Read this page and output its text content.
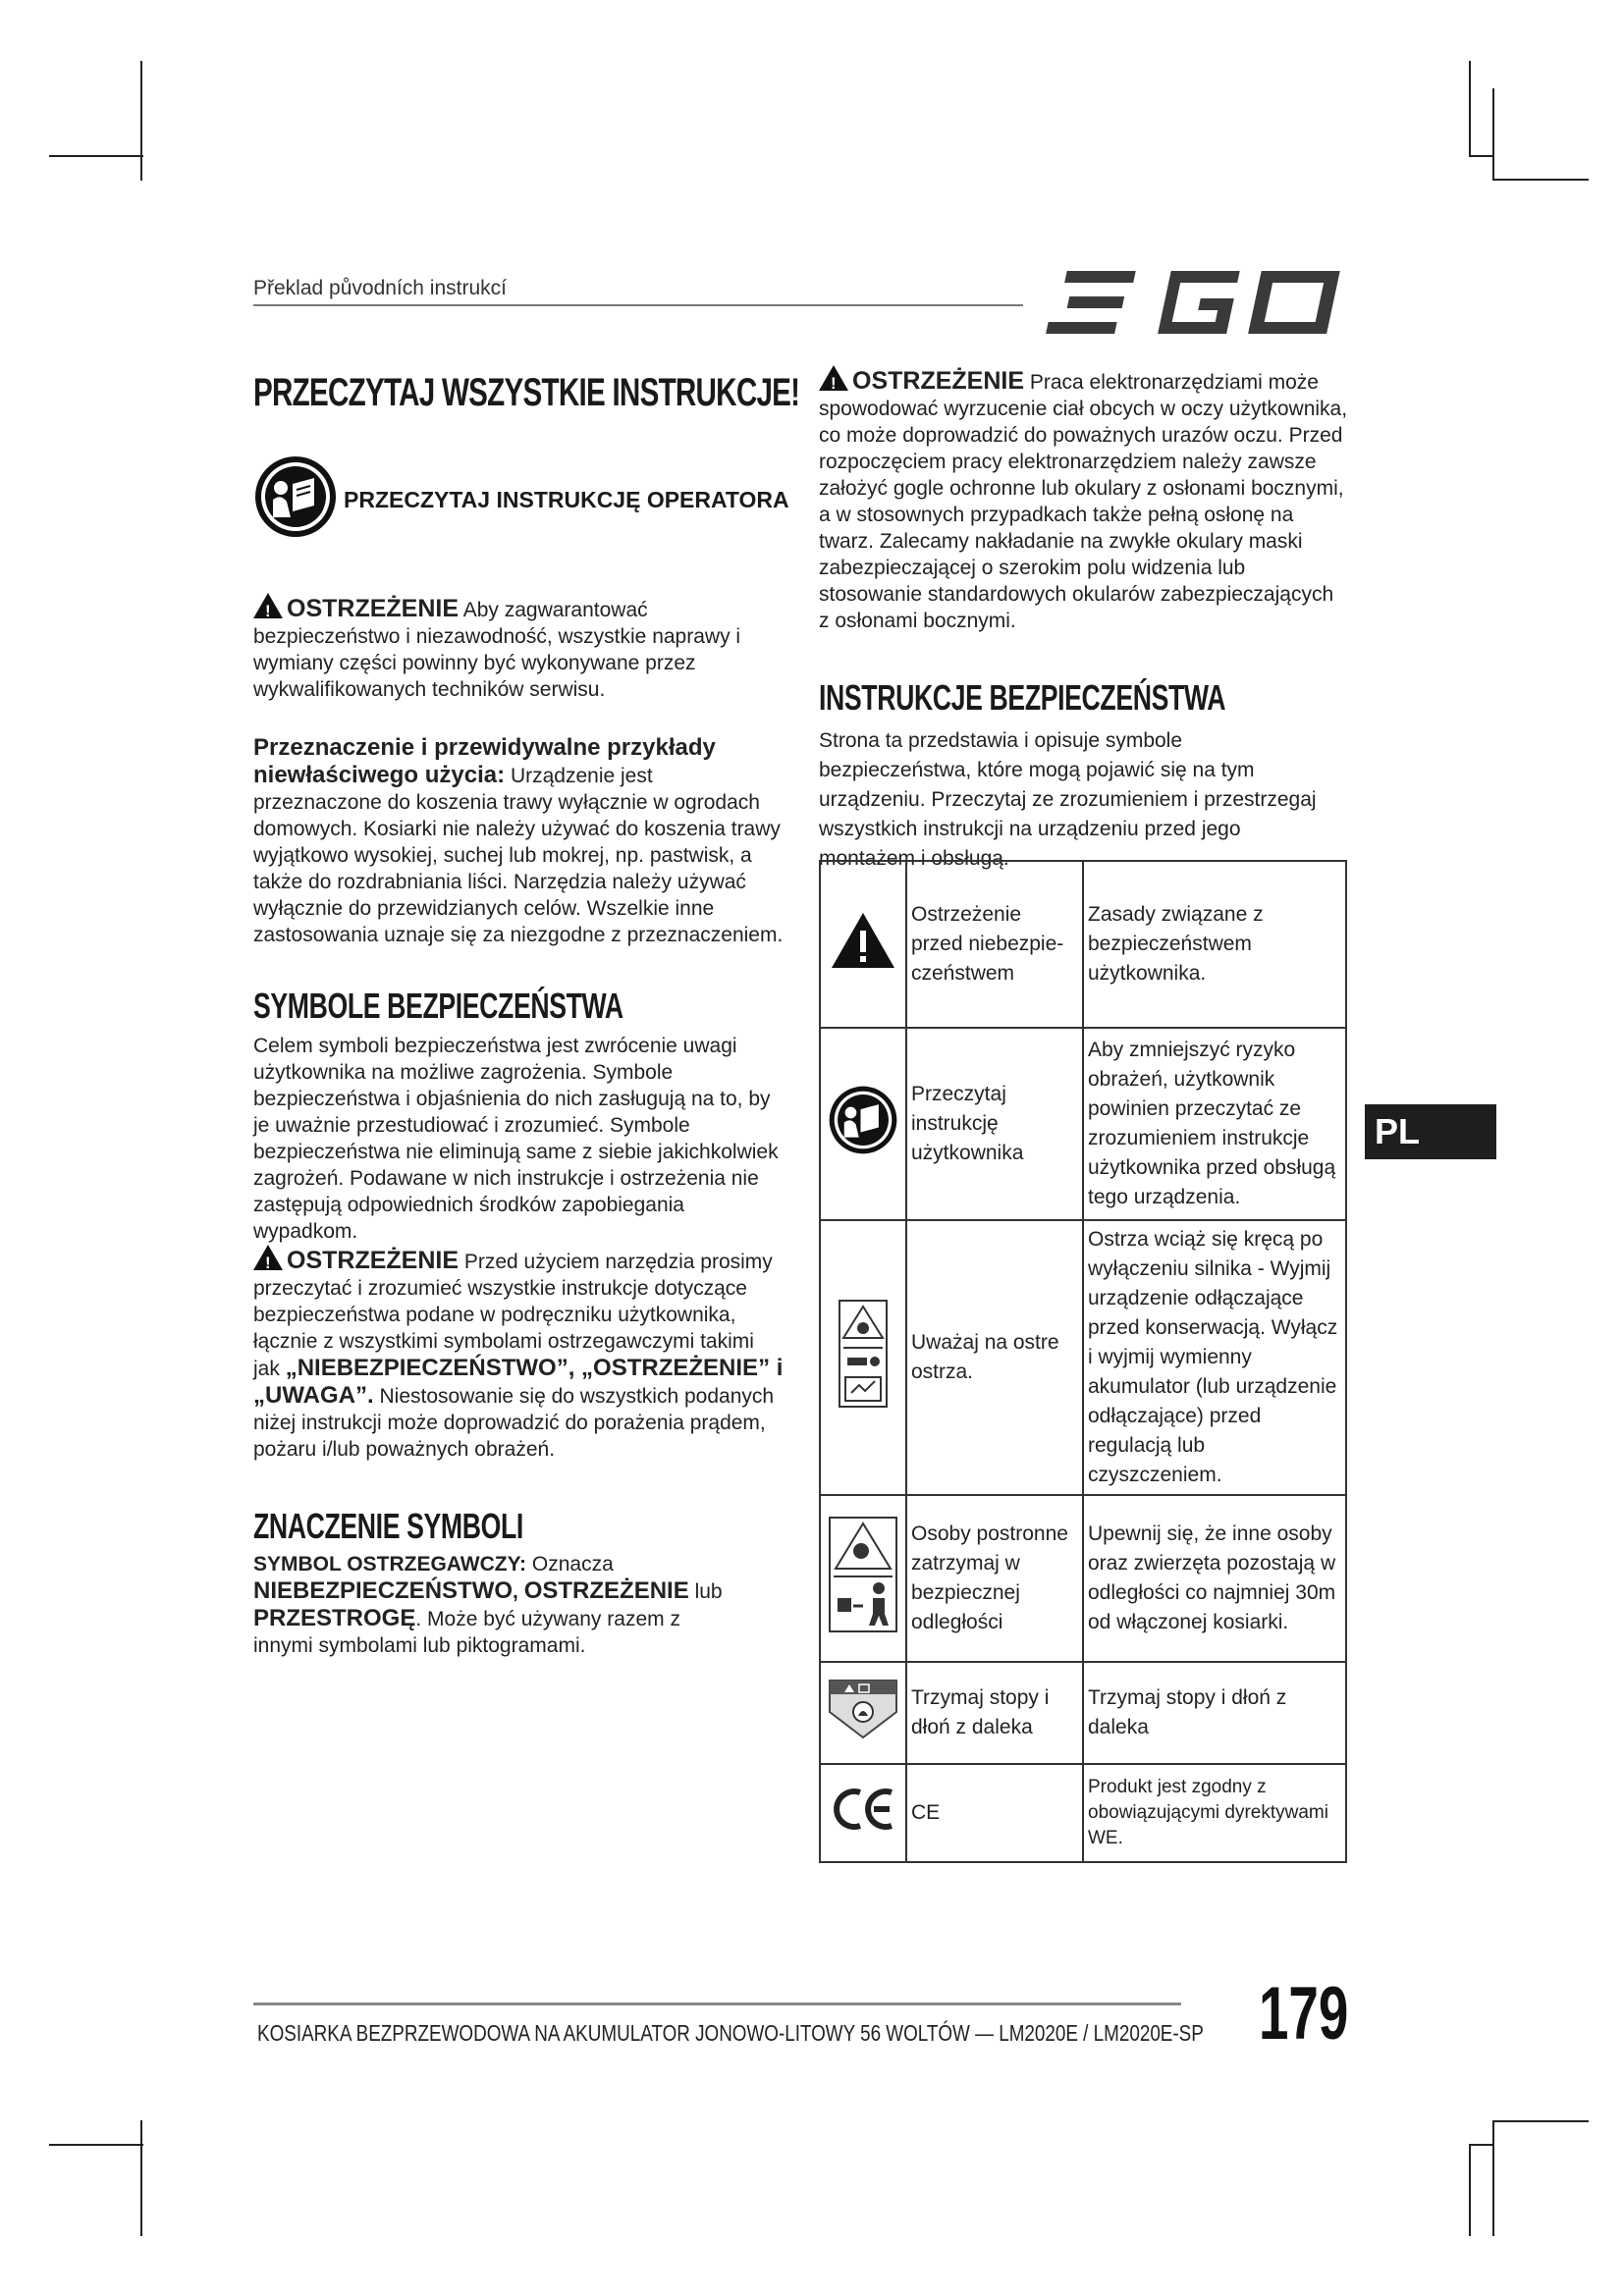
Překlad původních instrukcí
PRZECZYTAJ WSZYSTKIE INSTRUKCJE!
PRZECZYTAJ INSTRUKCJĘ OPERATORA
!OSTRZEŻENIE Aby zagwarantować bezpieczeństwo i niezawodność, wszystkie naprawy i wymiany części powinny być wykonywane przez wykwalifikowanych techników serwisu.
Przeznaczenie i przewidywalne przykłady niewłaściwego użycia: Urządzenie jest przeznaczone do koszenia trawy wyłącznie w ogrodach domowych. Kosiarki nie należy używać do koszenia trawy wyjątkowo wysokiej, suchej lub mokrej, np. pastwisk, a także do rozdrabniania liści. Narzędzia należy używać wyłącznie do przewidzianych celów. Wszelkie inne zastosowania uznaje się za niezgodne z przeznaczeniem.
SYMBOLE BEZPIECZEŃSTWA
Celem symboli bezpieczeństwa jest zwrócenie uwagi użytkownika na możliwe zagrożenia. Symbole bezpieczeństwa i objaśnienia do nich zasługują na to, by je uważnie przestudiować i zrozumieć. Symbole bezpieczeństwa nie eliminują same z siebie jakichkolwiek zagrożeń. Podawane w nich instrukcje i ostrzeżenia nie zastępują odpowiednich środków zapobiegania wypadkom.
!OSTRZEŻENIE Przed użyciem narzędzia prosimy przeczytać i zrozumieć wszystkie instrukcje dotyczące bezpieczeństwa podane w podręczniku użytkownika, łącznie z wszystkimi symbolami ostrzegawczymi takimi jak „NIEBEZPIECZEŃSTWO”, „OSTRZEŻENIE” i „UWAGA”. Niestosowanie się do wszystkich podanych niżej instrukcji może doprowadzić do porażenia prądem, pożaru i/lub poważnych obrażeń.
ZNACZENIE SYMBOLI
SYMBOL OSTRZEGAWCZY: Oznacza NIEBEZPIECZEŃSTWO, OSTRZEŻENIE lub PRZESTROGĘ. Może być używany razem z innymi symbolami lub piktogramami.
!OSTRZEŻENIE Praca elektronarzędziami może spowodować wyrzucenie ciał obcych w oczy użytkownika, co może doprowadzić do poważnych urazów oczu. Przed rozpoczęciem pracy elektronarzędziem należy zawsze założyć gogle ochronne lub okulary z osłonami bocznymi, a w stosownych przypadkach także pełną osłonę na twarz. Zalecamy nakładanie na zwykłe okulary maski zabezpieczającej o szerokim polu widzenia lub stosowanie standardowych okularów zabezpieczających z osłonami bocznymi.
INSTRUKCJE BEZPIECZEŃSTWA
Strona ta przedstawia i opisuje symbole bezpieczeństwa, które mogą pojawić się na tym urządzeniu. Przeczytaj ze zrozumieniem i przestrzegaj wszystkich instrukcji na urządzeniu przed jego montażem i obsługą.
	Ostrzeżenie przed niebezpie-czeństwem	Zasady związane z bezpieczeństwem użytkownika.
	Przeczytaj instrukcję użytkownika	Aby zmniejszyć ryzyko obrażeń, użytkownik powinien przeczytać ze zrozumieniem instrukcje użytkownika przed obsługą tego urządzenia.
	Uważaj na ostre ostrza.	Ostrza wciąż się kręcą po wyłączeniu silnika - Wyjmij urządzenie odłączające przed konserwacją. Wyłącz i wyjmij wymienny akumulator (lub urządzenie odłączające) przed regulacją lub czyszczeniem.
	Osoby postronne zatrzymaj w bezpiecznej odległości	Upewnij się, że inne osoby oraz zwierzęta pozostają w odległości co najmniej 30m od włączonej kosiarki.
	Trzymaj stopy i dłoń z daleka	Trzymaj stopy i dłoń z daleka
	CE	Produkt jest zgodny z obowiązującymi dyrektywami WE.
PL
KOSIARKA BEZPRZEWODOWA NA AKUMULATOR JONOWO-LITOWY 56 WOLTÓW — LM2020E / LM2020E-SP 179
